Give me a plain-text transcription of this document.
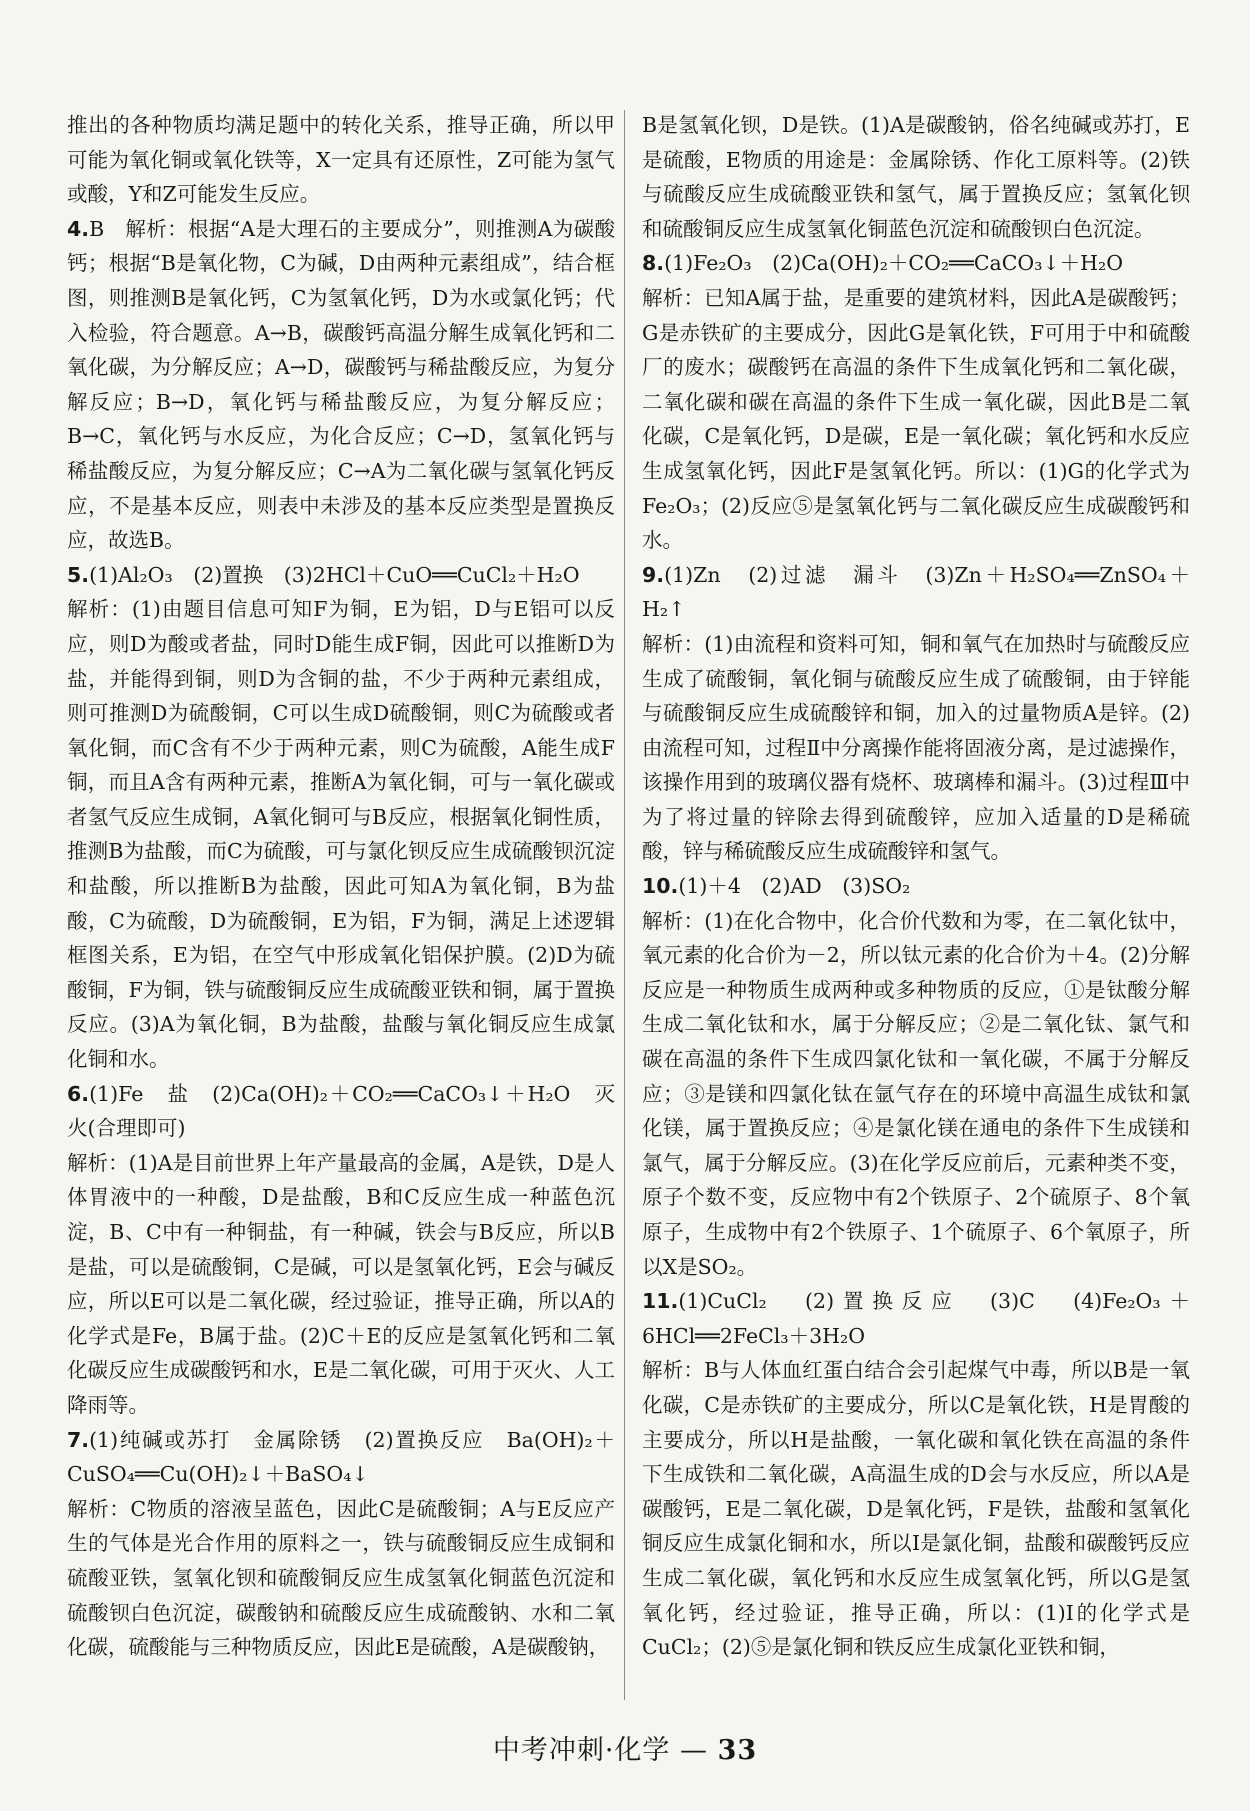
推出的各种物质均满足题中的转化关系，推导正确，所以甲可能为氧化铜或氧化铁等，X一定具有还原性，Z可能为氢气或酸，Y和Z可能发生反应。

4.B　解析：根据“A是大理石的主要成分”，则推测A为碳酸钙；根据“B是氧化物，C为碱，D由两种元素组成”，结合框图，则推测B是氧化钙，C为氢氧化钙，D为水或氯化钙；代入检验，符合题意。A→B，碳酸钙高温分解生成氧化钙和二氧化碳，为分解反应；A→D，碳酸钙与稀盐酸反应，为复分解反应；B→D，氧化钙与稀盐酸反应，为复分解反应；B→C，氧化钙与水反应，为化合反应；C→D，氢氧化钙与稀盐酸反应，为复分解反应；C→A为二氧化碳与氢氧化钙反应，不是基本反应，则表中未涉及的基本反应类型是置换反应，故选B。

5.(1)Al₂O₃　(2)置换　(3)2HCl＋CuO══CuCl₂＋H₂O

解析：(1)由题目信息可知F为铜，E为铝，D与E铝可以反应，则D为酸或者盐，同时D能生成F铜，因此可以推断D为盐，并能得到铜，则D为含铜的盐，不少于两种元素组成，则可推测D为硫酸铜，C可以生成D硫酸铜，则C为硫酸或者氧化铜，而C含有不少于两种元素，则C为硫酸，A能生成F铜，而且A含有两种元素，推断A为氧化铜，可与一氧化碳或者氢气反应生成铜，A氧化铜可与B反应，根据氧化铜性质，推测B为盐酸，而C为硫酸，可与氯化钡反应生成硫酸钡沉淀和盐酸，所以推断B为盐酸，因此可知A为氧化铜，B为盐酸，C为硫酸，D为硫酸铜，E为铝，F为铜，满足上述逻辑框图关系，E为铝，在空气中形成氧化铝保护膜。(2)D为硫酸铜，F为铜，铁与硫酸铜反应生成硫酸亚铁和铜，属于置换反应。(3)A为氧化铜，B为盐酸，盐酸与氧化铜反应生成氯化铜和水。

6.(1)Fe　盐　(2)Ca(OH)₂＋CO₂══CaCO₃↓＋H₂O　灭火(合理即可)

解析：(1)A是目前世界上年产量最高的金属，A是铁，D是人体胃液中的一种酸，D是盐酸，B和C反应生成一种蓝色沉淀，B、C中有一种铜盐，有一种碱，铁会与B反应，所以B是盐，可以是硫酸铜，C是碱，可以是氢氧化钙，E会与碱反应，所以E可以是二氧化碳，经过验证，推导正确，所以A的化学式是Fe，B属于盐。(2)C＋E的反应是氢氧化钙和二氧化碳反应生成碳酸钙和水，E是二氧化碳，可用于灭火、人工降雨等。

7.(1)纯碱或苏打　金属除锈　(2)置换反应　Ba(OH)₂＋CuSO₄══Cu(OH)₂↓＋BaSO₄↓

解析：C物质的溶液呈蓝色，因此C是硫酸铜；A与E反应产生的气体是光合作用的原料之一，铁与硫酸铜反应生成铜和硫酸亚铁，氢氧化钡和硫酸铜反应生成氢氧化铜蓝色沉淀和硫酸钡白色沉淀，碳酸钠和硫酸反应生成硫酸钠、水和二氧化碳，硫酸能与三种物质反应，因此E是硫酸，A是碳酸钠，

B是氢氧化钡，D是铁。(1)A是碳酸钠，俗名纯碱或苏打，E是硫酸，E物质的用途是：金属除锈、作化工原料等。(2)铁与硫酸反应生成硫酸亚铁和氢气，属于置换反应；氢氧化钡和硫酸铜反应生成氢氧化铜蓝色沉淀和硫酸钡白色沉淀。

8.(1)Fe₂O₃　(2)Ca(OH)₂＋CO₂══CaCO₃↓＋H₂O

解析：已知A属于盐，是重要的建筑材料，因此A是碳酸钙；G是赤铁矿的主要成分，因此G是氧化铁，F可用于中和硫酸厂的废水；碳酸钙在高温的条件下生成氧化钙和二氧化碳，二氧化碳和碳在高温的条件下生成一氧化碳，因此B是二氧化碳，C是氧化钙，D是碳，E是一氧化碳；氧化钙和水反应生成氢氧化钙，因此F是氢氧化钙。所以：(1)G的化学式为Fe₂O₃；(2)反应⑤是氢氧化钙与二氧化碳反应生成碳酸钙和水。

9.(1)Zn　(2)过滤　漏斗　(3)Zn＋H₂SO₄══ZnSO₄＋H₂↑

解析：(1)由流程和资料可知，铜和氧气在加热时与硫酸反应生成了硫酸铜，氧化铜与硫酸反应生成了硫酸铜，由于锌能与硫酸铜反应生成硫酸锌和铜，加入的过量物质A是锌。(2)由流程可知，过程Ⅱ中分离操作能将固液分离，是过滤操作，该操作用到的玻璃仪器有烧杯、玻璃棒和漏斗。(3)过程Ⅲ中为了将过量的锌除去得到硫酸锌，应加入适量的D是稀硫酸，锌与稀硫酸反应生成硫酸锌和氢气。

10.(1)＋4　(2)AD　(3)SO₂

解析：(1)在化合物中，化合价代数和为零，在二氧化钛中，氧元素的化合价为－2，所以钛元素的化合价为＋4。(2)分解反应是一种物质生成两种或多种物质的反应，①是钛酸分解生成二氧化钛和水，属于分解反应；②是二氧化钛、氯气和碳在高温的条件下生成四氯化钛和一氧化碳，不属于分解反应；③是镁和四氯化钛在氩气存在的环境中高温生成钛和氯化镁，属于置换反应；④是氯化镁在通电的条件下生成镁和氯气，属于分解反应。(3)在化学反应前后，元素种类不变，原子个数不变，反应物中有2个铁原子、2个硫原子、8个氧原子，生成物中有2个铁原子、1个硫原子、6个氧原子，所以X是SO₂。

11.(1)CuCl₂　(2)置换反应　(3)C　(4)Fe₂O₃＋6HCl══2FeCl₃＋3H₂O

解析：B与人体血红蛋白结合会引起煤气中毒，所以B是一氧化碳，C是赤铁矿的主要成分，所以C是氧化铁，H是胃酸的主要成分，所以H是盐酸，一氧化碳和氧化铁在高温的条件下生成铁和二氧化碳，A高温生成的D会与水反应，所以A是碳酸钙，E是二氧化碳，D是氧化钙，F是铁，盐酸和氢氧化铜反应生成氯化铜和水，所以I是氯化铜，盐酸和碳酸钙反应生成二氧化碳，氧化钙和水反应生成氢氧化钙，所以G是氢氧化钙，经过验证，推导正确，所以：(1)I的化学式是CuCl₂；(2)⑤是氯化铜和铁反应生成氯化亚铁和铜，

中考冲刺·化学 — 33
